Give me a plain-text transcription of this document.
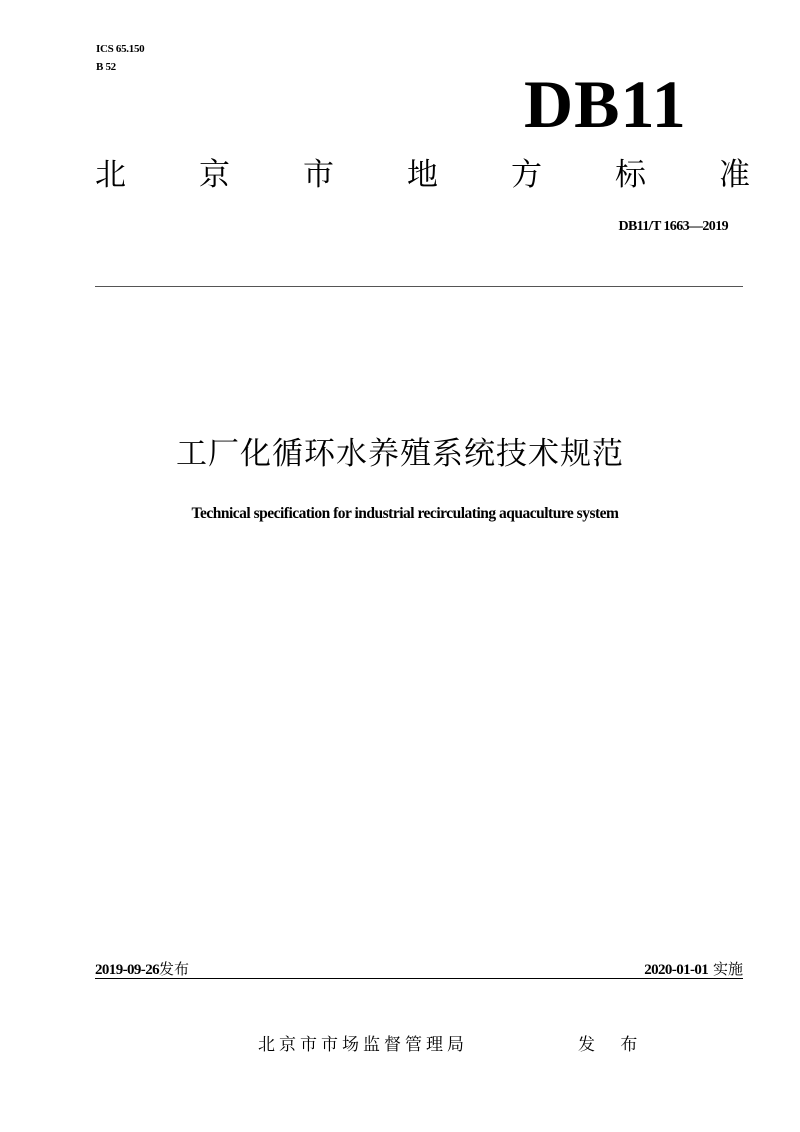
ICS 65.150
B 52	DB11
北 京 市 地 方 标 准
DB11/T 1663—2019
工厂化循环水养殖系统技术规范
Technical specification for industrial recirculating aquaculture system
2019-09-26发布	2020-01-01 实施
北京市市场监督管理局	发 布
